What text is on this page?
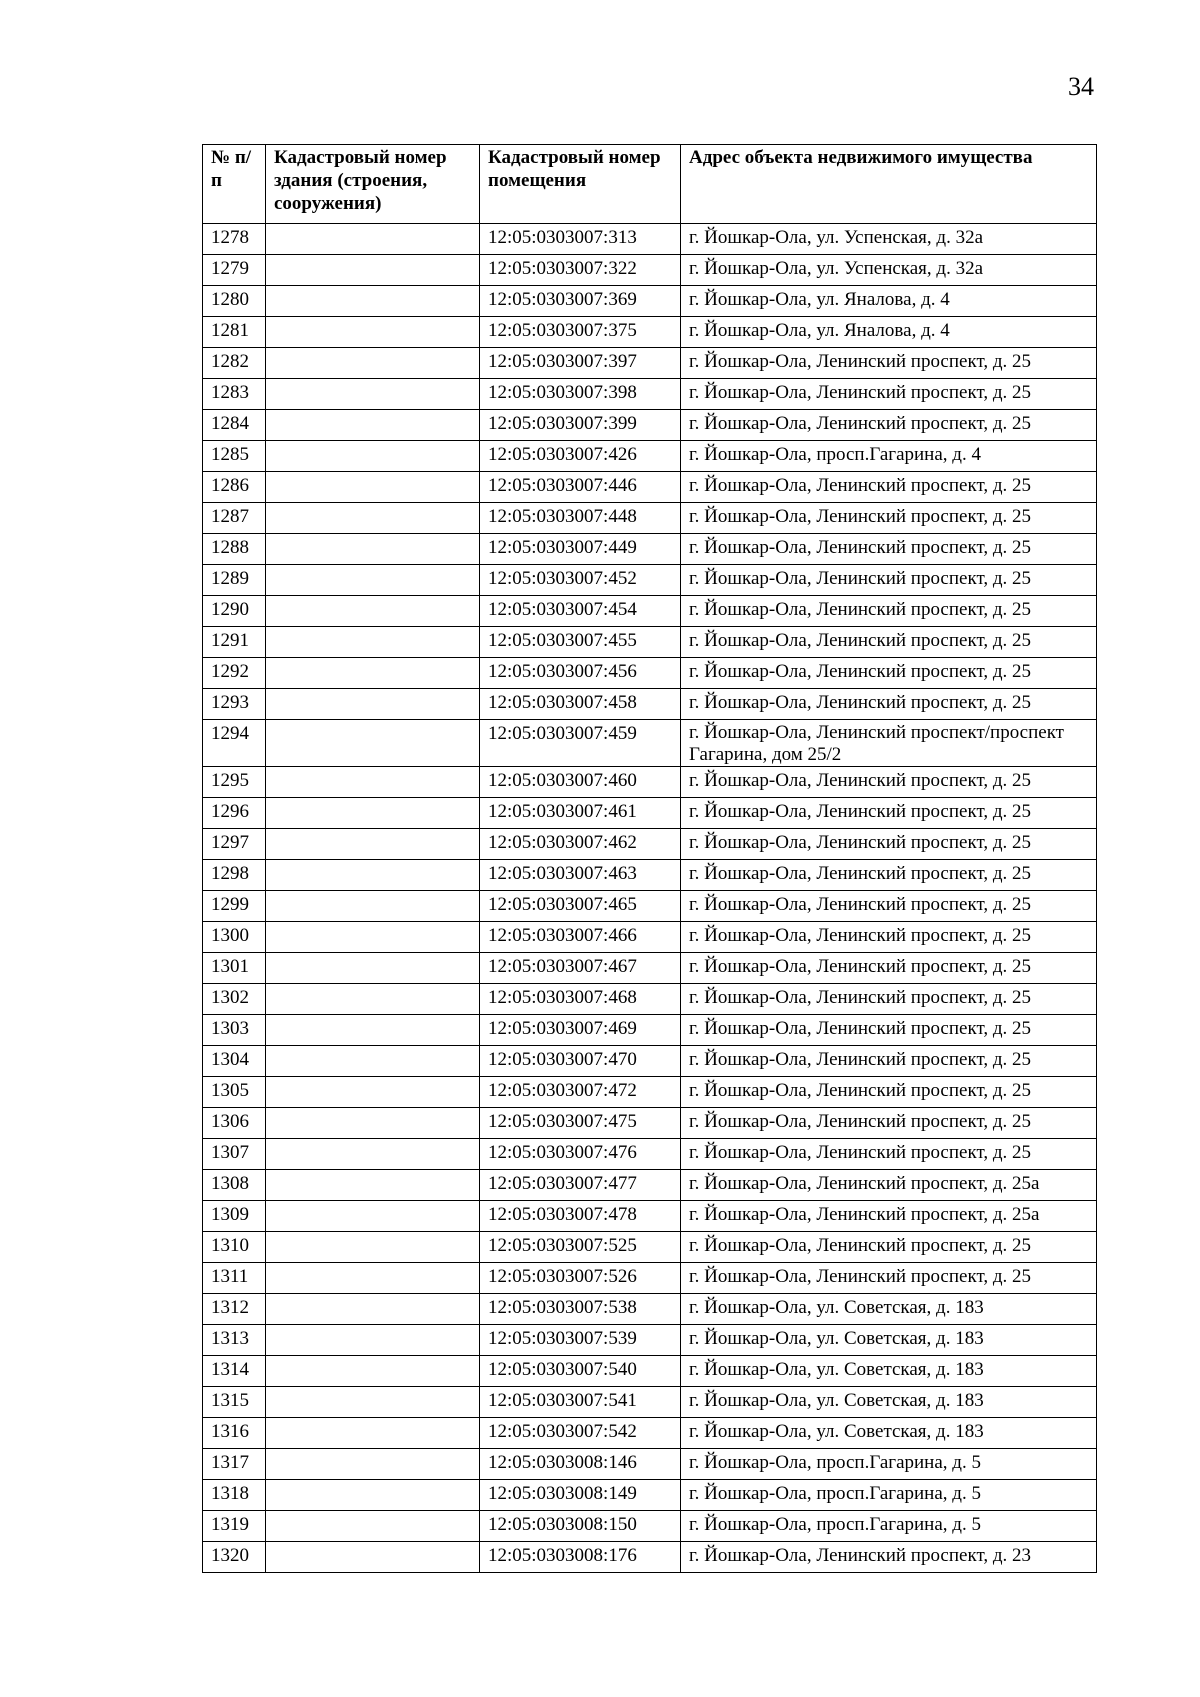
34
№ п/п	Кадастровый номер здания (строения, сооружения)	Кадастровый номер помещения	Адрес объекта недвижимого имущества
1278		12:05:0303007:313	г. Йошкар-Ола, ул. Успенская, д. 32а
1279		12:05:0303007:322	г. Йошкар-Ола, ул. Успенская, д. 32а
1280		12:05:0303007:369	г. Йошкар-Ола, ул. Яналова, д. 4
1281		12:05:0303007:375	г. Йошкар-Ола, ул. Яналова, д. 4
1282		12:05:0303007:397	г. Йошкар-Ола, Ленинский проспект, д. 25
1283		12:05:0303007:398	г. Йошкар-Ола, Ленинский проспект, д. 25
1284		12:05:0303007:399	г. Йошкар-Ола, Ленинский проспект, д. 25
1285		12:05:0303007:426	г. Йошкар-Ола, просп.Гагарина, д. 4
1286		12:05:0303007:446	г. Йошкар-Ола, Ленинский проспект, д. 25
1287		12:05:0303007:448	г. Йошкар-Ола, Ленинский проспект, д. 25
1288		12:05:0303007:449	г. Йошкар-Ола, Ленинский проспект, д. 25
1289		12:05:0303007:452	г. Йошкар-Ола, Ленинский проспект, д. 25
1290		12:05:0303007:454	г. Йошкар-Ола, Ленинский проспект, д. 25
1291		12:05:0303007:455	г. Йошкар-Ола, Ленинский проспект, д. 25
1292		12:05:0303007:456	г. Йошкар-Ола, Ленинский проспект, д. 25
1293		12:05:0303007:458	г. Йошкар-Ола, Ленинский проспект, д. 25
1294		12:05:0303007:459	г. Йошкар-Ола, Ленинский проспект/проспект Гагарина, дом 25/2
1295		12:05:0303007:460	г. Йошкар-Ола, Ленинский проспект, д. 25
1296		12:05:0303007:461	г. Йошкар-Ола, Ленинский проспект, д. 25
1297		12:05:0303007:462	г. Йошкар-Ола, Ленинский проспект, д. 25
1298		12:05:0303007:463	г. Йошкар-Ола, Ленинский проспект, д. 25
1299		12:05:0303007:465	г. Йошкар-Ола, Ленинский проспект, д. 25
1300		12:05:0303007:466	г. Йошкар-Ола, Ленинский проспект, д. 25
1301		12:05:0303007:467	г. Йошкар-Ола, Ленинский проспект, д. 25
1302		12:05:0303007:468	г. Йошкар-Ола, Ленинский проспект, д. 25
1303		12:05:0303007:469	г. Йошкар-Ола, Ленинский проспект, д. 25
1304		12:05:0303007:470	г. Йошкар-Ола, Ленинский проспект, д. 25
1305		12:05:0303007:472	г. Йошкар-Ола, Ленинский проспект, д. 25
1306		12:05:0303007:475	г. Йошкар-Ола, Ленинский проспект, д. 25
1307		12:05:0303007:476	г. Йошкар-Ола, Ленинский проспект, д. 25
1308		12:05:0303007:477	г. Йошкар-Ола, Ленинский проспект, д. 25а
1309		12:05:0303007:478	г. Йошкар-Ола, Ленинский проспект, д. 25а
1310		12:05:0303007:525	г. Йошкар-Ола, Ленинский проспект, д. 25
1311		12:05:0303007:526	г. Йошкар-Ола, Ленинский проспект, д. 25
1312		12:05:0303007:538	г. Йошкар-Ола, ул. Советская, д. 183
1313		12:05:0303007:539	г. Йошкар-Ола, ул. Советская, д. 183
1314		12:05:0303007:540	г. Йошкар-Ола, ул. Советская, д. 183
1315		12:05:0303007:541	г. Йошкар-Ола, ул. Советская, д. 183
1316		12:05:0303007:542	г. Йошкар-Ола, ул. Советская, д. 183
1317		12:05:0303008:146	г. Йошкар-Ола, просп.Гагарина, д. 5
1318		12:05:0303008:149	г. Йошкар-Ола, просп.Гагарина, д. 5
1319		12:05:0303008:150	г. Йошкар-Ола, просп.Гагарина, д. 5
1320		12:05:0303008:176	г. Йошкар-Ола, Ленинский проспект, д. 23
